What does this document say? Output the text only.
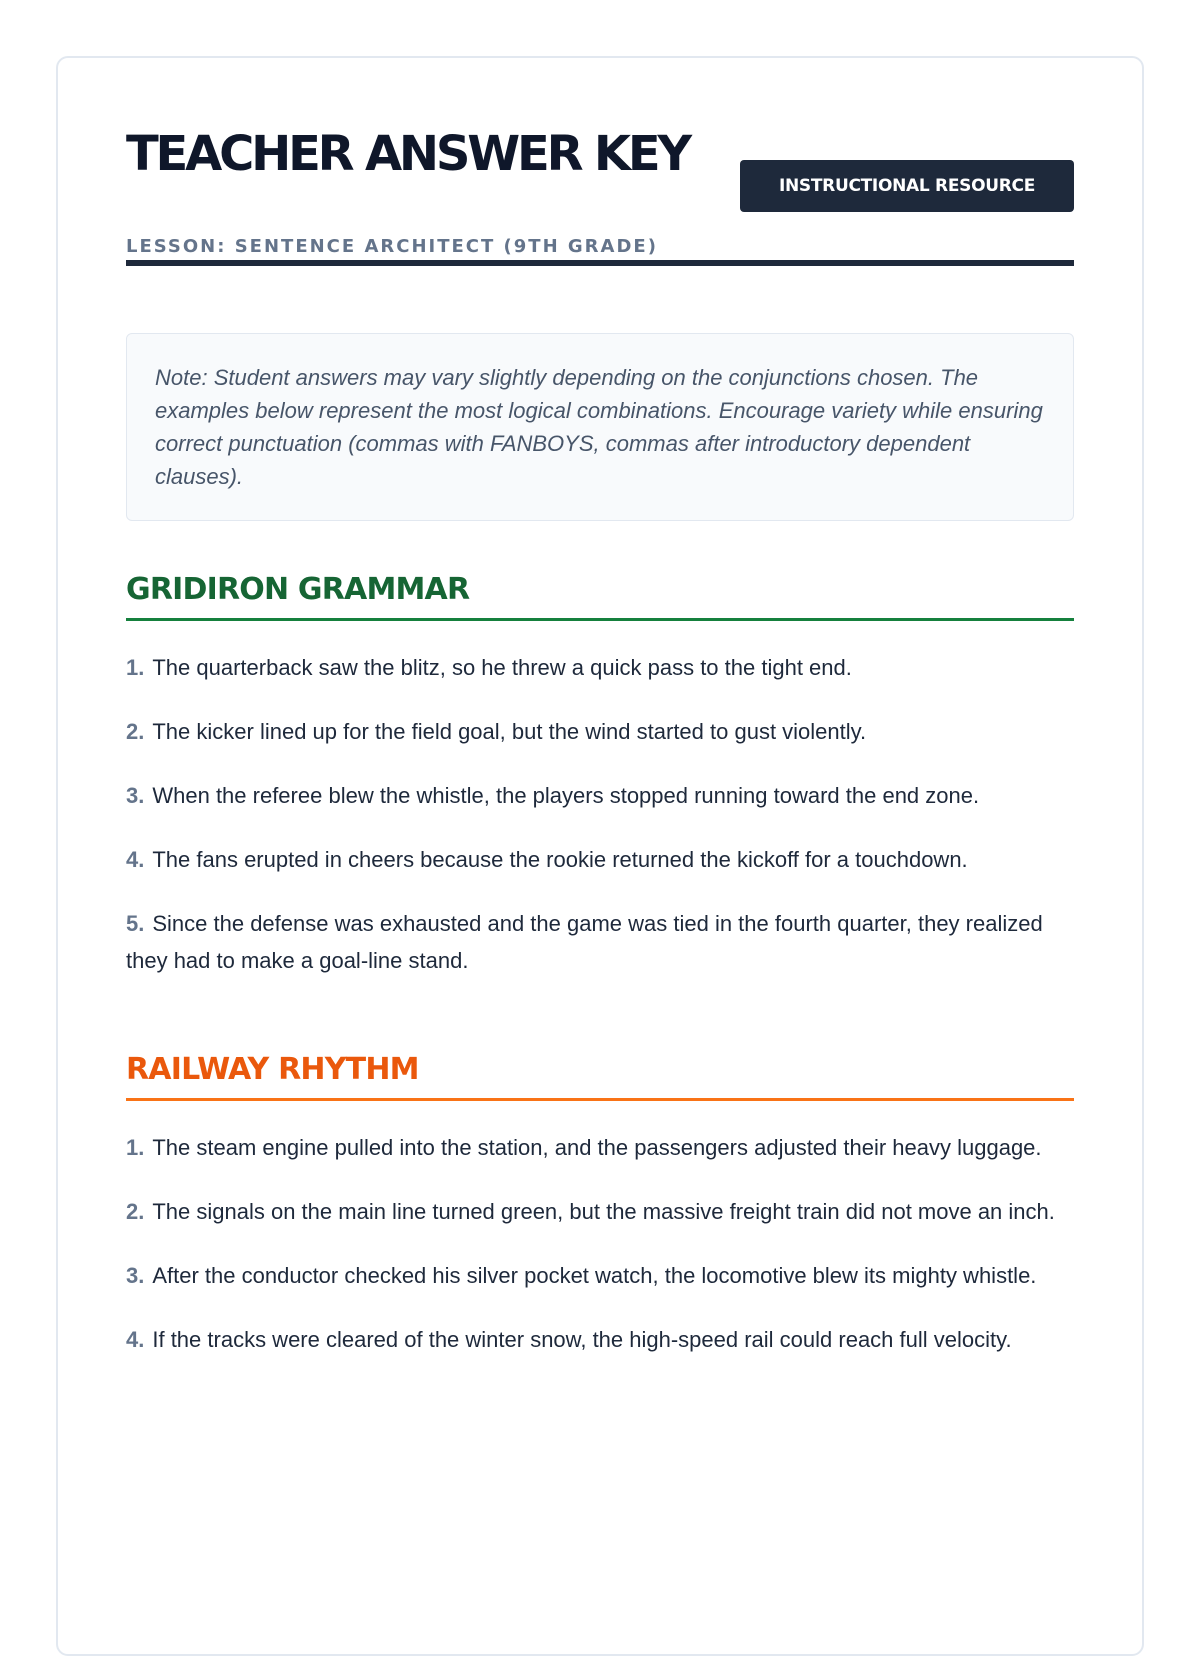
TEACHER ANSWER KEY
LESSON: SENTENCE ARCHITECT (9TH GRADE)
INSTRUCTIONAL RESOURCE
Note: Student answers may vary slightly depending on the conjunctions chosen. The examples below represent the most logical combinations. Encourage variety while ensuring correct punctuation (commas with FANBOYS, commas after introductory dependent clauses).
GRIDIRON GRAMMAR
1. The quarterback saw the blitz, so he threw a quick pass to the tight end.
2. The kicker lined up for the field goal, but the wind started to gust violently.
3. When the referee blew the whistle, the players stopped running toward the end zone.
4. The fans erupted in cheers because the rookie returned the kickoff for a touchdown.
5. Since the defense was exhausted and the game was tied in the fourth quarter, they realized they had to make a goal-line stand.
RAILWAY RHYTHM
1. The steam engine pulled into the station, and the passengers adjusted their heavy luggage.
2. The signals on the main line turned green, but the massive freight train did not move an inch.
3. After the conductor checked his silver pocket watch, the locomotive blew its mighty whistle.
4. If the tracks were cleared of the winter snow, the high-speed rail could reach full velocity.
